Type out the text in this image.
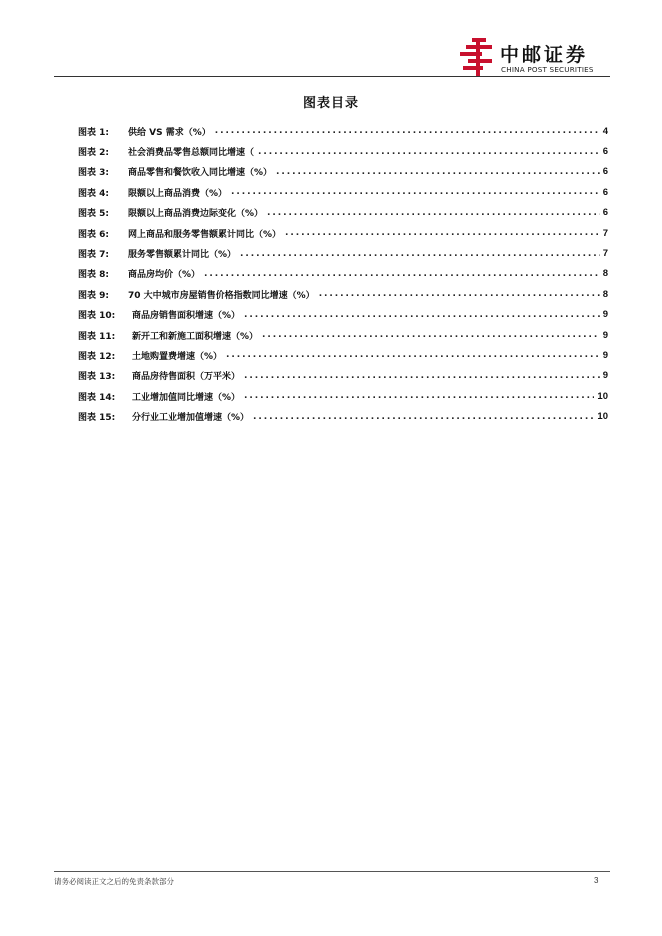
中邮证券
CHINA POST SECURITIES
图表目录
图表 1:	供给 VS 需求（%） . . .	4
图表 2:	社会消费品零售总额同比增速（ . . .	6
图表 3:	商品零售和餐饮收入同比增速（%） . . .	6
图表 4:	限额以上商品消费（%） . . .	6
图表 5:	限额以上商品消费边际变化（%） . . .	6
图表 6:	网上商品和服务零售额累计同比（%） . . .	7
图表 7:	服务零售额累计同比（%） . . .	7
图表 8:	商品房均价（%） . . .	8
图表 9:	70 大中城市房屋销售价格指数同比增速（%） . . .	8
图表 10:	商品房销售面积增速（%） . . .	9
图表 11:	新开工和新施工面积增速（%） . . .	9
图表 12:	土地购置费增速（%） . . .	9
图表 13:	商品房待售面积（万平米） . . .	9
图表 14:	工业增加值同比增速（%） . . .	10
图表 15:	分行业工业增加值增速（%） . . .	10
请务必阅读正文之后的免责条款部分	3
